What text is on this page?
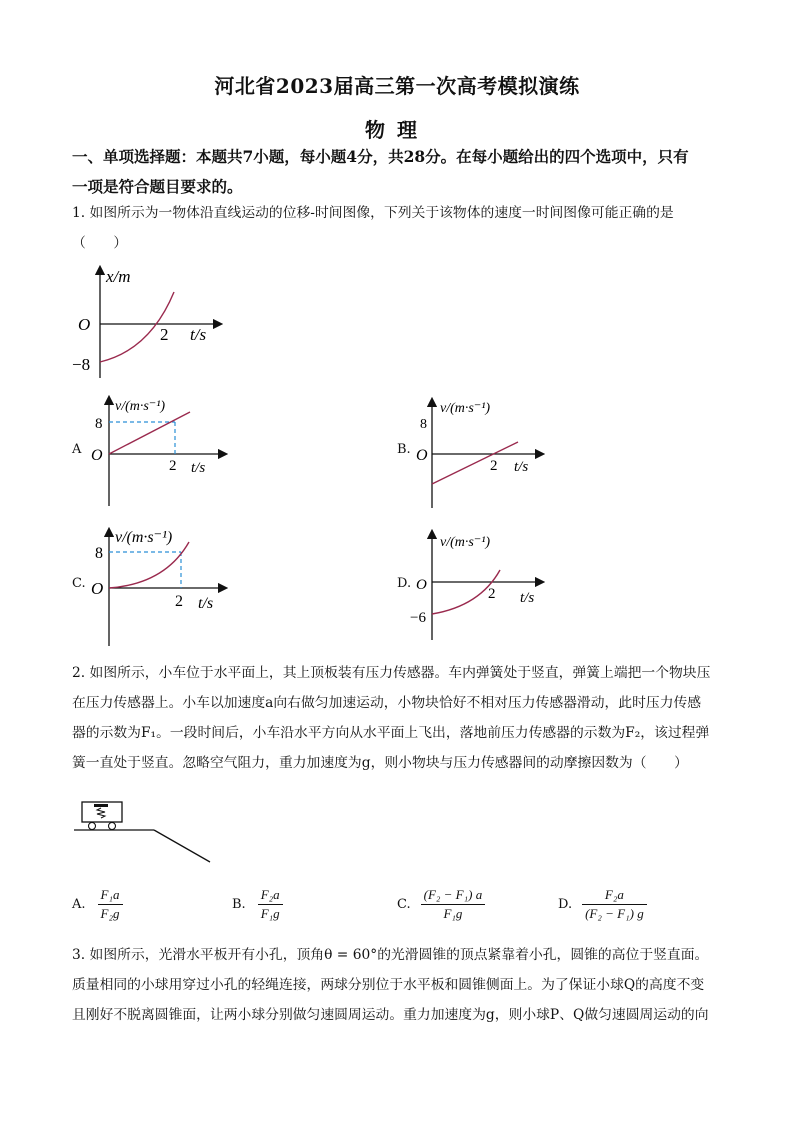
河北省2023届高三第一次高考模拟演练
物理
一、单项选择题：本题共7小题，每小题4分，共28分。在每小题给出的四个选项中，只有
一项是符合题目要求的。
1. 如图所示为一物体沿直线运动的位移-时间图像，下列关于该物体的速度一时间图像可能正确的是
（　　）
x/m
O
2 t/s
−8
A
v/(m·s⁻¹)
8
O
2 t/s
B.
v/(m·s⁻¹)
8
O
2 t/s
C.
v/(m·s⁻¹)
8
O
2 t/s
D.
v/(m·s⁻¹)
O
2 t/s
−6
2. 如图所示，小车位于水平面上，其上顶板装有压力传感器。车内弹簧处于竖直，弹簧上端把一个物块压
在压力传感器上。小车以加速度a向右做匀加速运动，小物块恰好不相对压力传感器滑动，此时压力传感
器的示数为F₁。一段时间后，小车沿水平方向从水平面上飞出，落地前压力传感器的示数为F₂，该过程弹
簧一直处于竖直。忽略空气阻力，重力加速度为g，则小物块与压力传感器间的动摩擦因数为（　　）
A. $\frac{\text{F₁a}}{\text{F₂g}}$	B. $\frac{\text{F₂a}}{\text{F₁g}}$	C. $\frac{\text{(F₂ − F₁) a}}{\text{F₁g}}$	D. $\frac{\text{F₂a}}{\text{(F₂ − F₁) g}}$
3. 如图所示，光滑水平板开有小孔，顶角θ = 60°的光滑圆锥的顶点紧靠着小孔，圆锥的高位于竖直面。
质量相同的小球用穿过小孔的轻绳连接，两球分别位于水平板和圆锥侧面上。为了保证小球Q的高度不变
且刚好不脱离圆锥面，让两小球分别做匀速圆周运动。重力加速度为g，则小球P、Q做匀速圆周运动的向
